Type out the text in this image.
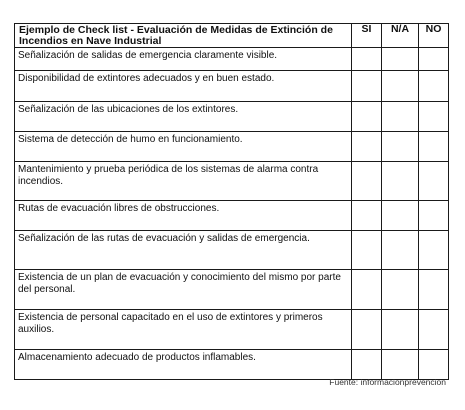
Ejemplo de Check list - Evaluación de Medidas de Extinción de Incendios en Nave Industrial	SI	N/A	NO
Señalización de salidas de emergencia claramente visible.			
Disponibilidad de extintores adecuados y en buen estado.			
Señalización de las ubicaciones de los extintores.			
Sistema de detección de humo en funcionamiento.			
Mantenimiento y prueba periódica de los sistemas de alarma contra incendios.			
Rutas de evacuación libres de obstrucciones.			
Señalización de las rutas de evacuación y salidas de emergencia.			
Existencia de un plan de evacuación y conocimiento del mismo por parte del personal.			
Existencia de personal capacitado en el uso de extintores y primeros auxilios.			
Almacenamiento adecuado de productos inflamables.			
Fuente: informacionprevencion
